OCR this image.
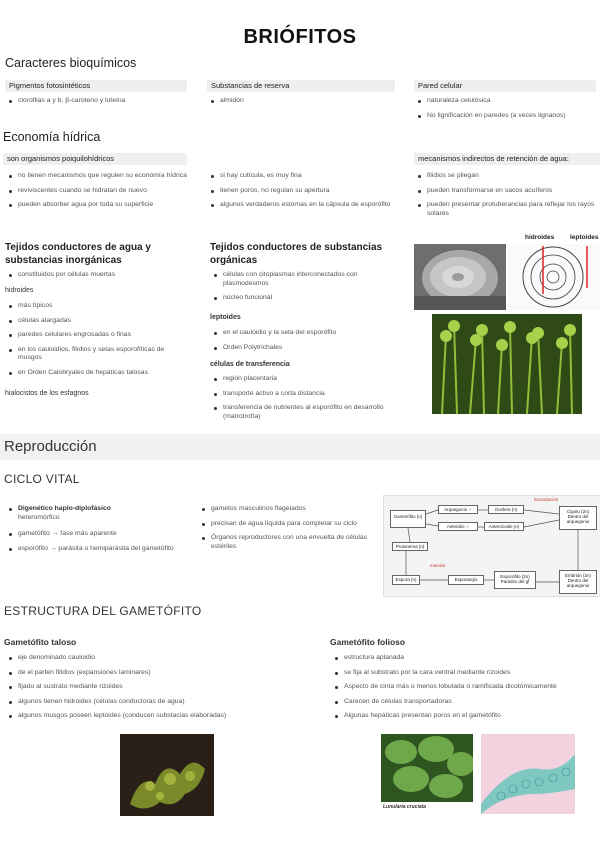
BRIÓFITOS
Caracteres bioquímicos
Pigmentos fotosintéticos
clorofilas a y b, β-caroteno y luteína
Substancias de reserva
almidón
Pared celular
naturaleza celulósica
No lignificación en paredes (a veces lignanos)
Economía hídrica
son organismos poiquilohídricos
no tienen mecanismos que regulen su economía hídrica
reviviscentes cuando se hidratan de nuevo
pueden absorber agua por toda su superficie
si hay cutícula, es muy fina
tienen poros, no regulan su apertura
algunos verdaderos estomas en la cápsula de esporófito
mecanismos indirectos de retención de agua:
filidios se pliegan
pueden transformarse en sacos acuíferos
pueden presentar protuberancias para reflejar los rayos solares
Tejidos conductores de agua y substancias inorgánicas
constituidos por células muertas
hidroides
más típicos
células alargadas
paredes celulares engrosadas o finas
en los cauloidios, filidios y setas esporofíticas de musgos
en Orden Calobryales de hepáticas talosas
hialocistos de los esfagnos
Tejidos conductores de substancias orgánicas
células con citoplasmas interconectados con plasmodesmos
núcleo funcional
leptoides
en el cauloidio y la seta del esporófito
Orden Polytrichales
células de transferencia
región placentaria
transporte activo a corta distancia
transferencia de nutrientes al esporófito en desarrollo (matrotrofía)
hidroides leptoides
Reproducción
CICLO VITAL
Digenético haplo-diplofásico
heteromórfico
gametófito → fase más aparente
esporófito → parásita o hemiparásita del gametófito
gametos masculinos flagelados
precisan de agua líquida para completar su ciclo
Órganos reproductores con una envuelta de células estériles
fecundación
meiosis
Gametófito (n)
Arquegonio ♀	Oosfera (n)
Anteridio ♂	Anterozoide (n)
Cigoto (2n) Dentro del arquegonio
Protonema (n)
Espora (n)	Esporangio
Esporófito (2n) Parásito del gf
Embrión (2n) Dentro del arquegonio
ESTRUCTURA DEL GAMETÓFITO
Gametófito taloso
eje denominado cauloidio
de el parten filidios (expansiones laminares)
fijado al sustrato mediante rizoides
algunos tienen hidroides (células conductoras de agua)
algunos musgos poseen leptoides (conducen substacias elaboradas)
Gametófito folioso
estructura aplanada
se fija al substrato por la cara ventral mediante rizoides
Aspecto de cinta más o menos lobulada o ramificada dicotómicamente
Carecen de células transportadoras
Algunas hepáticas presentan poros en el gametófito
Lunularia cruciata
